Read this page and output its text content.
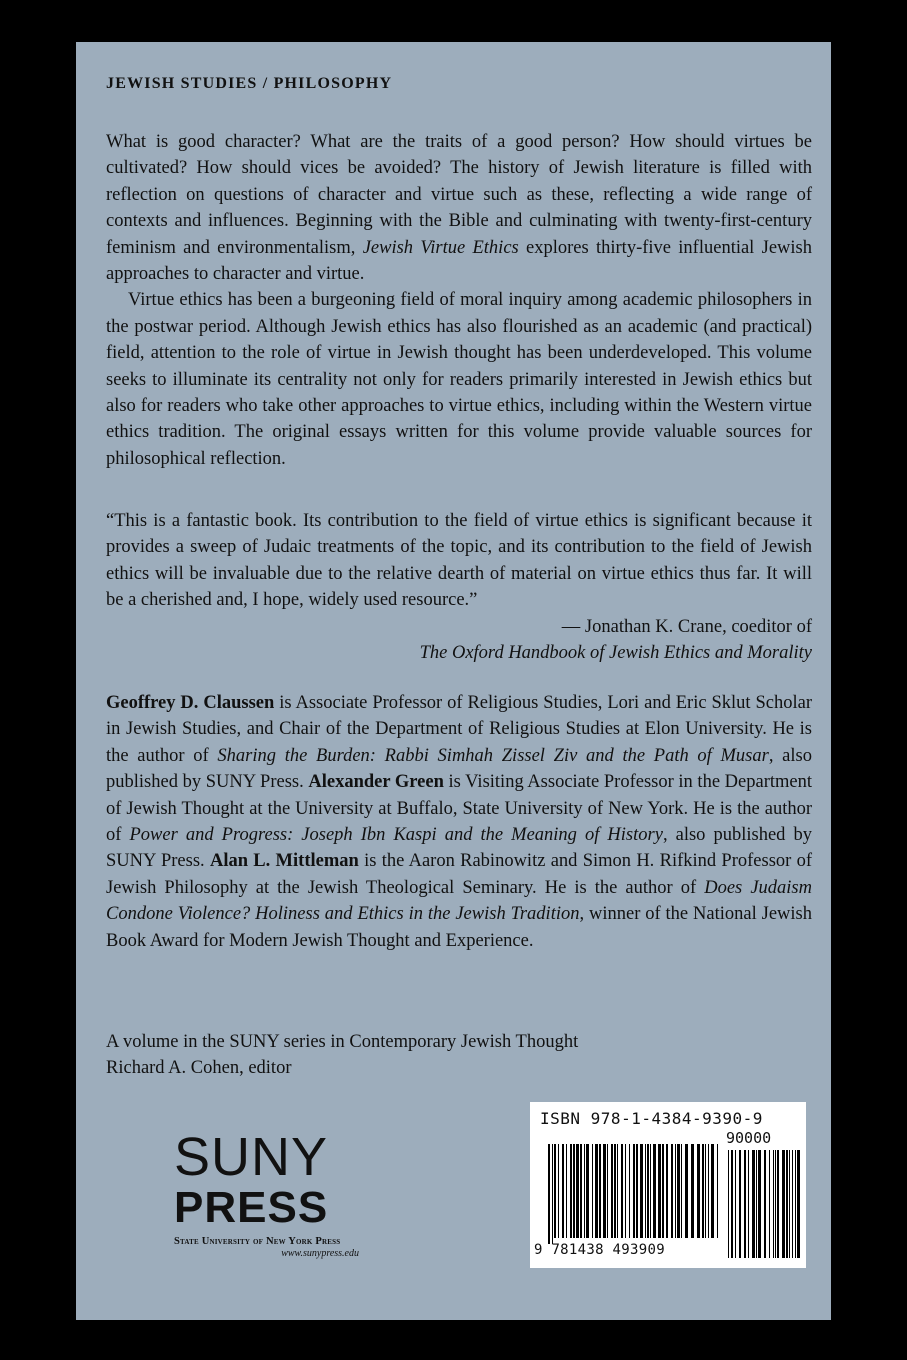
JEWISH STUDIES / PHILOSOPHY

What is good character? What are the traits of a good person? How should virtues be cultivated? How should vices be avoided? The history of Jewish literature is filled with reflection on questions of character and virtue such as these, reflecting a wide range of contexts and influences. Beginning with the Bible and culminating with twenty-first-century feminism and environmentalism, Jewish Virtue Ethics explores thirty-five influential Jewish approaches to character and virtue.

Virtue ethics has been a burgeoning field of moral inquiry among academic philosophers in the postwar period. Although Jewish ethics has also flourished as an academic (and practical) field, attention to the role of virtue in Jewish thought has been underdeveloped. This volume seeks to illuminate its centrality not only for readers primarily interested in Jewish ethics but also for readers who take other approaches to virtue ethics, including within the Western virtue ethics tradition. The original essays written for this volume provide valuable sources for philosophical reflection.

“This is a fantastic book. Its contribution to the field of virtue ethics is significant because it provides a sweep of Judaic treatments of the topic, and its contribution to the field of Jewish ethics will be invaluable due to the relative dearth of material on virtue ethics thus far. It will be a cherished and, I hope, widely used resource.”

— Jonathan K. Crane, coeditor of

The Oxford Handbook of Jewish Ethics and Morality

Geoffrey D. Claussen is Associate Professor of Religious Studies, Lori and Eric Sklut Scholar in Jewish Studies, and Chair of the Department of Religious Studies at Elon University. He is the author of Sharing the Burden: Rabbi Simhah Zissel Ziv and the Path of Musar, also published by SUNY Press. Alexander Green is Visiting Associate Professor in the Department of Jewish Thought at the University at Buffalo, State University of New York. He is the author of Power and Progress: Joseph Ibn Kaspi and the Meaning of History, also published by SUNY Press. Alan L. Mittleman is the Aaron Rabinowitz and Simon H. Rifkind Professor of Jewish Philosophy at the Jewish Theological Seminary. He is the author of Does Judaism Condone Violence? Holiness and Ethics in the Jewish Tradition, winner of the National Jewish Book Award for Modern Jewish Thought and Experience.

A volume in the SUNY series in Contemporary Jewish Thought

Richard A. Cohen, editor

SUNY
PRESS
State University of New York Press
www.sunypress.edu
ISBN 978-1-4384-9390-9
90000
9 781438 493909
